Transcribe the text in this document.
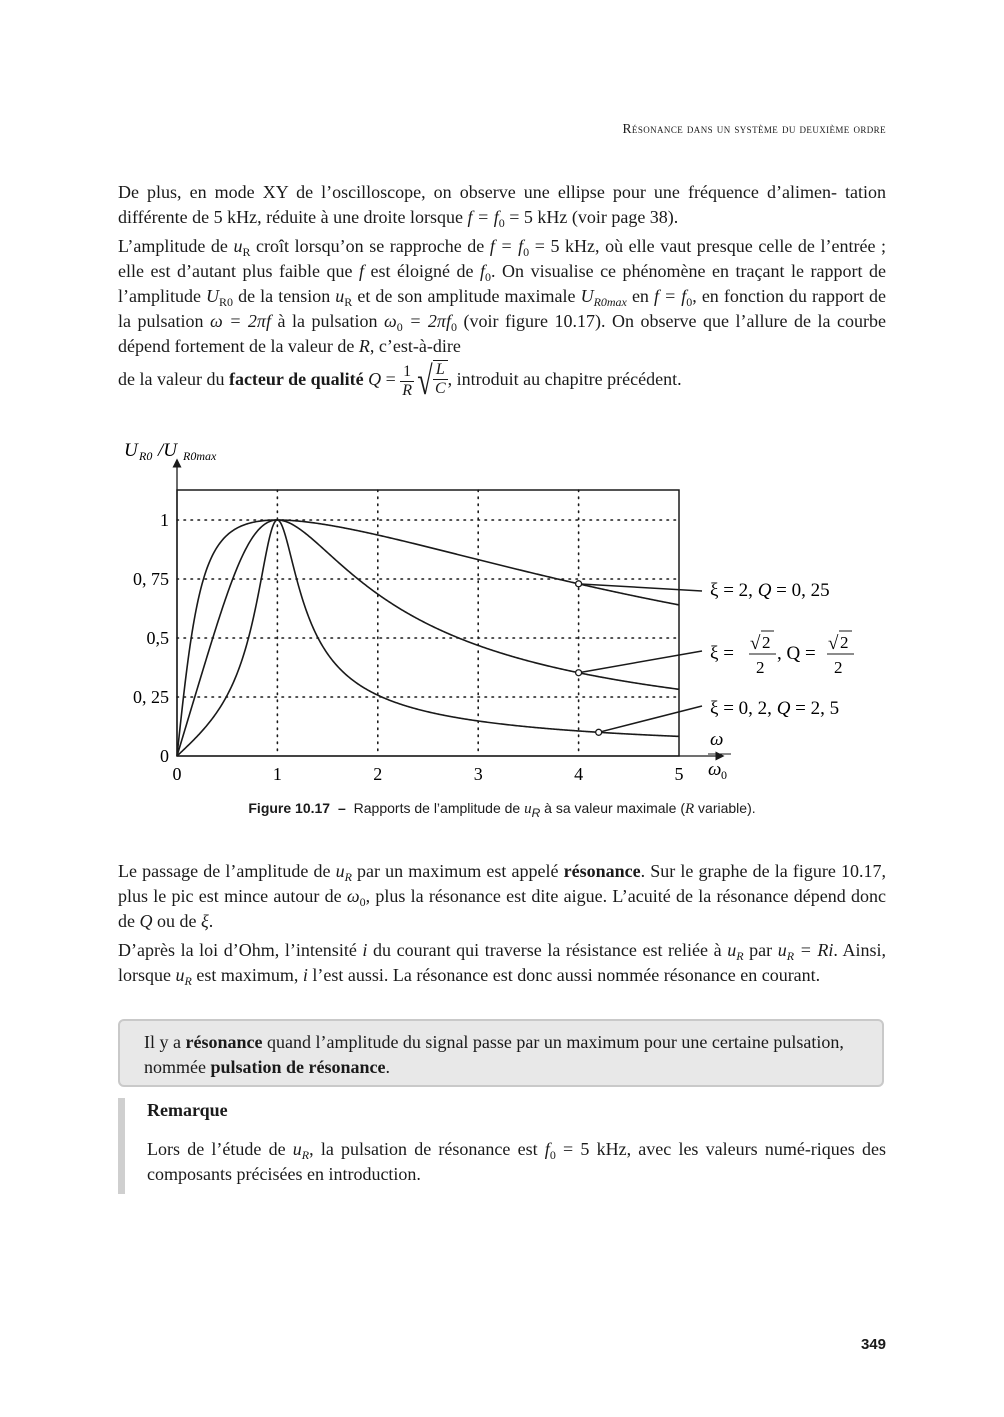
Résonance dans un système du deuxième ordre

De plus, en mode XY de l’oscilloscope, on observe une ellipse pour une fréquence d’alimen- tation différente de 5 kHz, réduite à une droite lorsque $f = f_0 = 5$ kHz (voir page 38).

L’amplitude de $u_R$ croît lorsqu’on se rapproche de $f = f_0 = 5$ kHz, où elle vaut presque celle de l’entrée ; elle est d’autant plus faible que f est éloigné de $f_0$. On visualise ce phénomène en traçant le rapport de l’amplitude $U_{R0}$ de la tension $u_R$ et de son amplitude maximale $U_{R0max}$ en $f = f_0$, en fonction du rapport de la pulsation ω = 2πf à la pulsation $\omega_0 = 2\pi f_0$ (voir figure 10.17). On observe que l’allure de la courbe dépend fortement de la valeur de R, c’est-à-dire

de la valeur du facteur de qualité $Q = \frac{1}{R}$ √ $\frac{L}{C}$ , introduit au chapitre précédent.

U R0 /U R0max
0	1	2	3	4	5
0
0, 25
0,5
0, 75
1
ξ = 2, Q = 0, 25
ξ = √ 2
2
, Q = √ 2
2
ξ = 0, 2, Q = 2, 5
ω
ω 0
Figure 10.17 – Rapports de l’amplitude de $u_R$ à sa valeur maximale (R variable).

Le passage de l’amplitude de $u_R$ par un maximum est appelé résonance. Sur le graphe de la figure 10.17, plus le pic est mince autour de $\omega_0$, plus la résonance est dite aigue. L’acuité de la résonance dépend donc de Q ou de ξ.

D’après la loi d’Ohm, l’intensité i du courant qui traverse la résistance est reliée à $u_R$ par $u_R = Ri$. Ainsi, lorsque $u_R$ est maximum, i l’est aussi. La résonance est donc aussi nommée résonance en courant.

Il y a résonance quand l’amplitude du signal passe par un maximum pour une certaine pulsation, nommée pulsation de résonance.
Remarque
Lors de l’étude de $u_R$, la pulsation de résonance est $f_0 = 5$ kHz, avec les valeurs numé-riques des composants précisées en introduction.
349
